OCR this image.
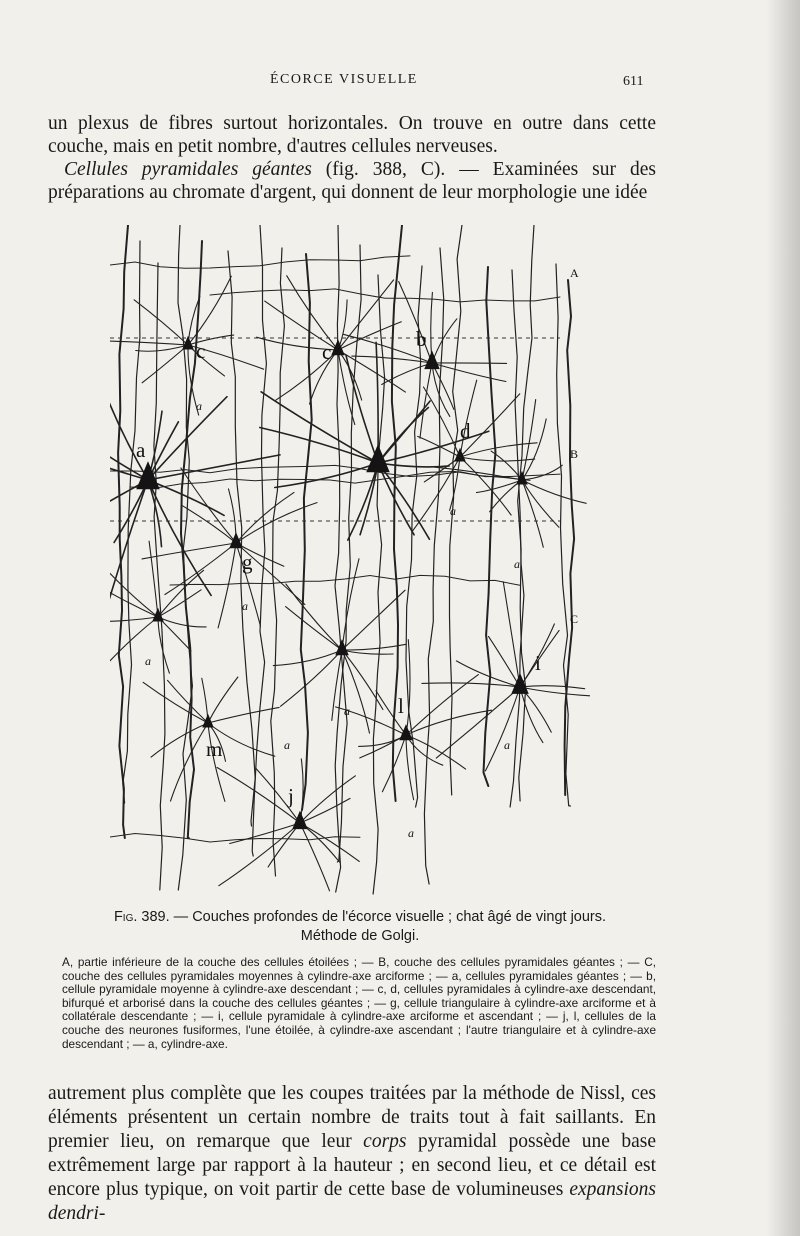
ÉCORCE VISUELLE	611

un plexus de fibres surtout horizontales. On trouve en outre dans cette couche, mais en petit nombre, d'autres cellules nerveuses.

Cellules pyramidales géantes (fig. 388, C). — Examinées sur des préparations au chromate d'argent, qui donnent de leur morphologie une idée

A
B
C
c	c
b
a
d
g
i
l
m
j
a
a
a
a
a
a
a
a
a
Fig. 389. — Couches profondes de l'écorce visuelle ; chat âgé de vingt jours.
Méthode de Golgi.
A, partie inférieure de la couche des cellules étoilées ; — B, couche des cellules pyramidales géantes ; — C, couche des cellules pyramidales moyennes à cylindre-axe arciforme ; — a, cellules pyramidales géantes ; — b, cellule pyramidale moyenne à cylindre-axe descendant ; — c, d, cellules pyramidales à cylindre-axe descendant, bifurqué et arborisé dans la couche des cellules géantes ; — g, cellule triangulaire à cylindre-axe arciforme et à collatérale descendante ; — i, cellule pyramidale à cylindre-axe arciforme et ascendant ; — j, l, cellules de la couche des neurones fusiformes, l'une étoilée, à cylindre-axe ascendant ; l'autre triangulaire et à cylindre-axe descendant ; — a, cylindre-axe.
autrement plus complète que les coupes traitées par la méthode de Nissl, ces éléments présentent un certain nombre de traits tout à fait saillants. En premier lieu, on remarque que leur corps pyramidal possède une base extrêmement large par rapport à la hauteur ; en second lieu, et ce détail est encore plus typique, on voit partir de cette base de volumineuses expansions dendri-
